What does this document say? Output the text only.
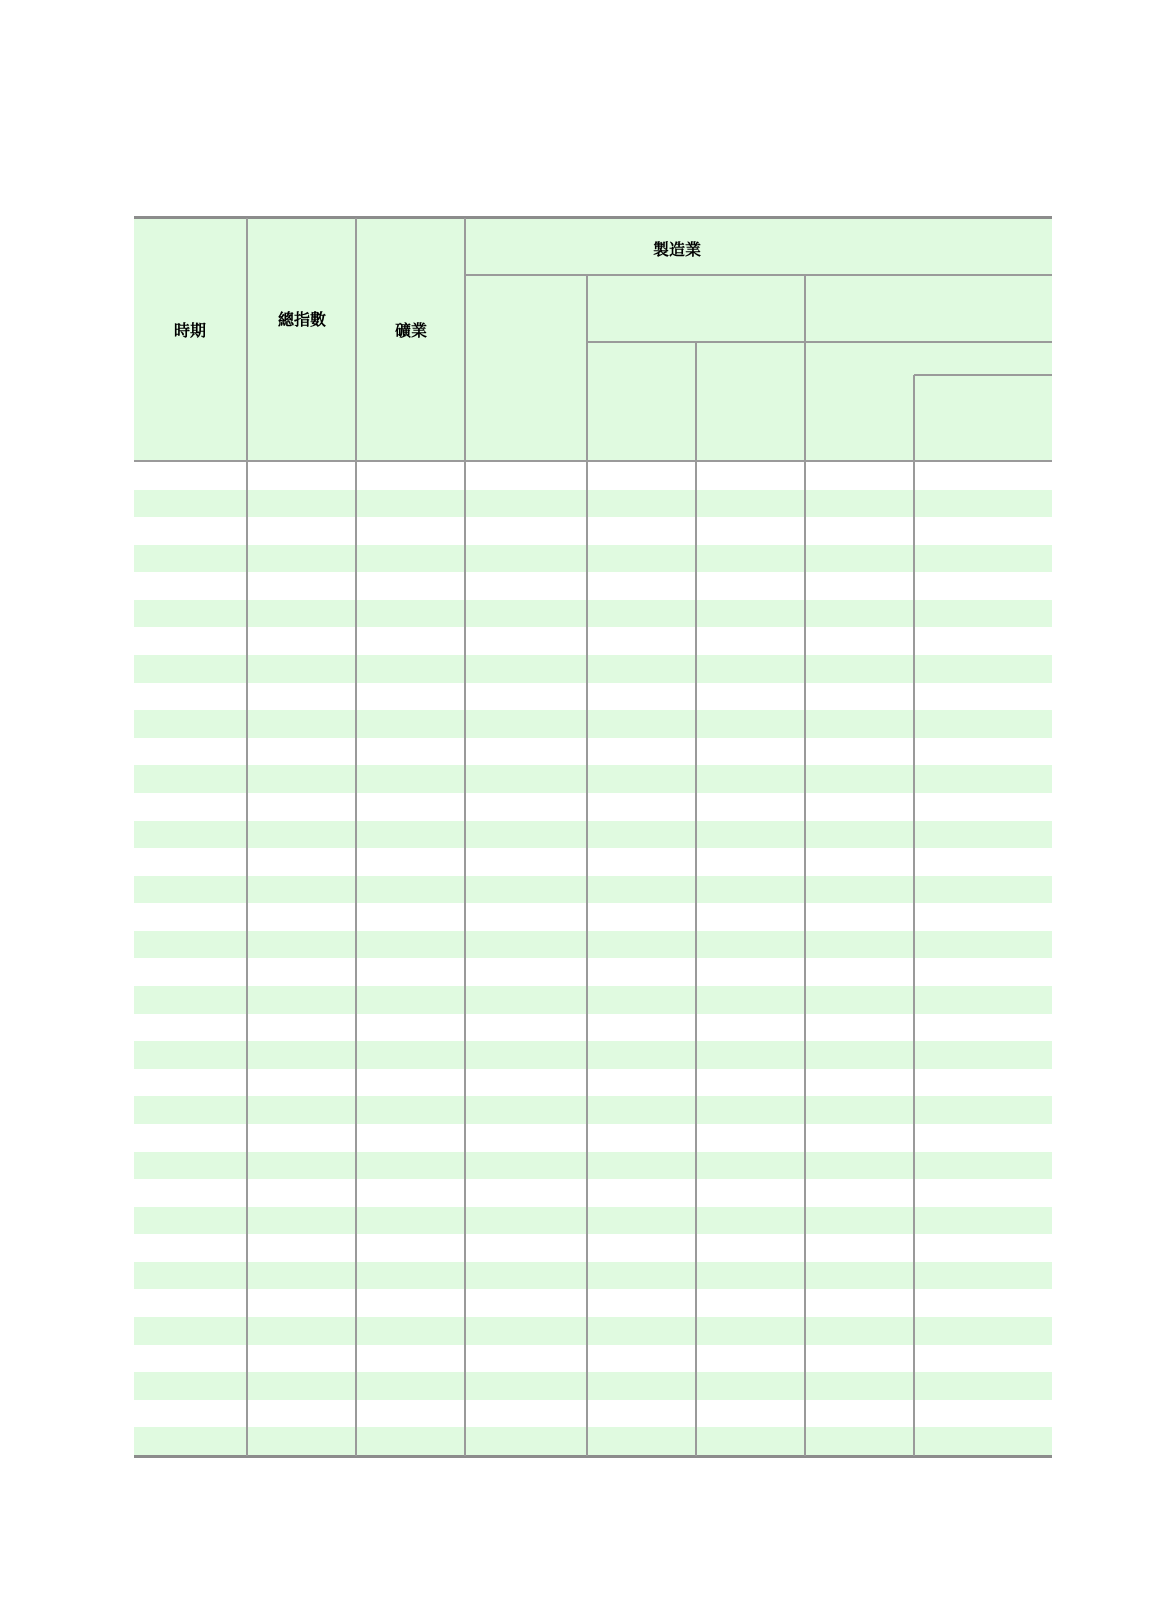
時期
總指數
礦業
製造業
